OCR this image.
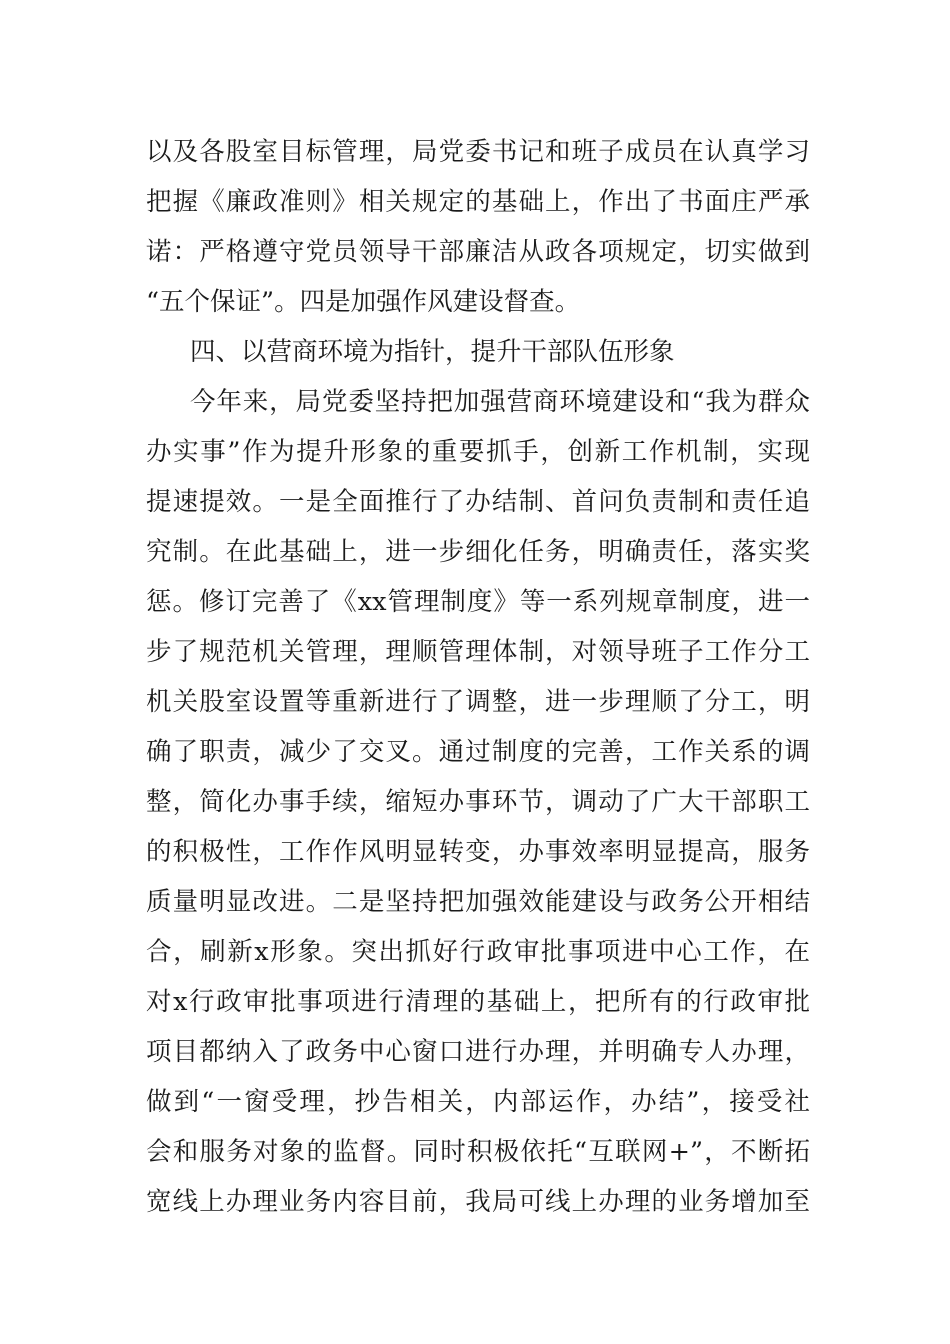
以及各股室目标管理，局党委书记和班子成员在认真学习
把握《廉政准则》相关规定的基础上，作出了书面庄严承
诺：严格遵守党员领导干部廉洁从政各项规定，切实做到
“五个保证”。四是加强作风建设督查。
四、以营商环境为指针，提升干部队伍形象
今年来，局党委坚持把加强营商环境建设和“我为群众
办实事”作为提升形象的重要抓手，创新工作机制，实现
提速提效。一是全面推行了办结制、首问负责制和责任追
究制。在此基础上，进一步细化任务，明确责任，落实奖
惩。修订完善了《xx管理制度》等一系列规章制度，进一
步了规范机关管理，理顺管理体制，对领导班子工作分工
机关股室设置等重新进行了调整，进一步理顺了分工，明
确了职责，减少了交叉。通过制度的完善，工作关系的调
整，简化办事手续，缩短办事环节，调动了广大干部职工
的积极性，工作作风明显转变，办事效率明显提高，服务
质量明显改进。二是坚持把加强效能建设与政务公开相结
合，刷新x形象。突出抓好行政审批事项进中心工作，在
对x行政审批事项进行清理的基础上，把所有的行政审批
项目都纳入了政务中心窗口进行办理，并明确专人办理，
做到“一窗受理，抄告相关，内部运作，办结”，接受社
会和服务对象的监督。同时积极依托“互联网+”，不断拓
宽线上办理业务内容目前，我局可线上办理的业务增加至
